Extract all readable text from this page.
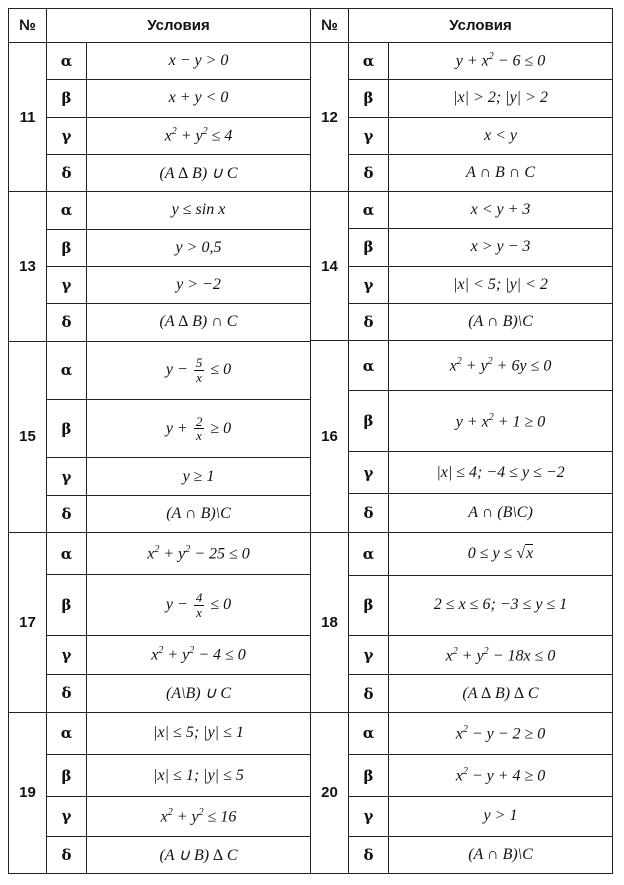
№	Условия	
11	α	x − y > 0
	β	x + y < 0
	γ	$x^2 + y^2 \le 4$
	δ	(A ∆ B) ∪ C
13	α	y ≤ sin x
	β	y > 0,5
	γ	y > −2
	δ	(A ∆ B) ∩ C
15	α	$y - \frac{5}{x} \le 0$
	β	$y + \frac{2}{x} \ge 0$
	γ	y ≥ 1
	δ	(A ∩ B)\C
17	α	$x^2 + y^2 - 25 \le 0$
	β	$y - \frac{4}{x} \le 0$
	γ	$x^2 + y^2 - 4 \le 0$
	δ	(A\B) ∪ C
19	α	|x| ≤ 5; |y| ≤ 1
	β	|x| ≤ 1; |y| ≤ 5
	γ	$x^2 + y^2 \le 16$
	δ	(A ∪ B) ∆ C
№	Условия	
12	α	$y + x^2 - 6 \le 0$
	β	|x| > 2; |y| > 2
	γ	x < y
	δ	A ∩ B ∩ C
14	α	x < y + 3
	β	x > y − 3
	γ	|x| < 5; |y| < 2
	δ	(A ∩ B)\C
16	α	$x^2 + y^2 + 6y \le 0$
	β	$y + x^2 + 1 \ge 0$
	γ	|x| ≤ 4; −4 ≤ y ≤ −2
	δ	A ∩ (B\C)
18	α	0 ≤ y ≤ √x
	β	2 ≤ x ≤ 6; −3 ≤ y ≤ 1
	γ	$x^2 + y^2 - 18x \le 0$
	δ	(A ∆ B) ∆ C
20	α	$x^2 - y - 2 \ge 0$
	β	$x^2 - y + 4 \ge 0$
	γ	y > 1
	δ	(A ∩ B)\C
